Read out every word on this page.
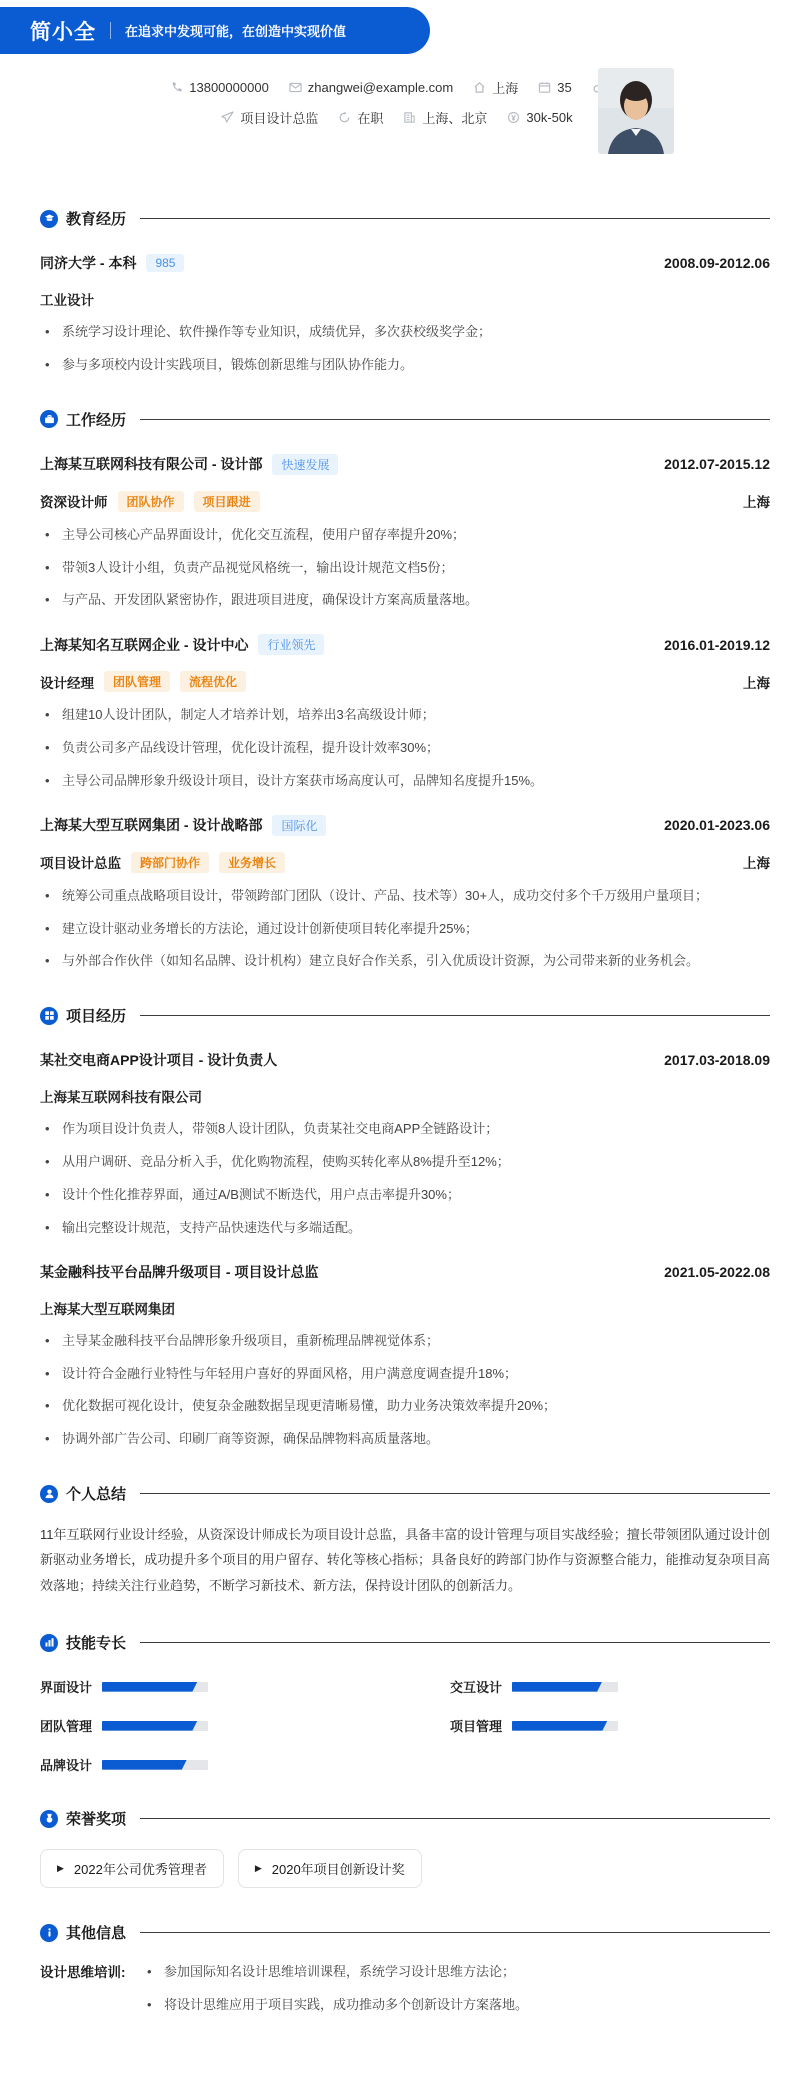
简小全 在追求中发现可能，在创造中实现价值
13800000000	zhangwei@example.com	上海	35
项目设计总监	在职	上海、北京	30k-50k
教育经历
同济大学 - 本科	985	2008.09-2012.06
工业设计
• 系统学习设计理论、软件操作等专业知识，成绩优异，多次获校级奖学金；
• 参与多项校内设计实践项目，锻炼创新思维与团队协作能力。
工作经历
上海某互联网科技有限公司 - 设计部	快速发展	2012.07-2015.12
资深设计师	团队协作	项目跟进	上海
• 主导公司核心产品界面设计，优化交互流程，使用户留存率提升20%；
• 带领3人设计小组，负责产品视觉风格统一，输出设计规范文档5份；
• 与产品、开发团队紧密协作，跟进项目进度，确保设计方案高质量落地。
上海某知名互联网企业 - 设计中心	行业领先	2016.01-2019.12
设计经理	团队管理	流程优化	上海
• 组建10人设计团队，制定人才培养计划，培养出3名高级设计师；
• 负责公司多产品线设计管理，优化设计流程，提升设计效率30%；
• 主导公司品牌形象升级设计项目，设计方案获市场高度认可，品牌知名度提升15%。
上海某大型互联网集团 - 设计战略部	国际化	2020.01-2023.06
项目设计总监	跨部门协作	业务增长	上海
• 统筹公司重点战略项目设计，带领跨部门团队（设计、产品、技术等）30+人，成功交付多个千万级用户量项目；
• 建立设计驱动业务增长的方法论，通过设计创新使项目转化率提升25%；
• 与外部合作伙伴（如知名品牌、设计机构）建立良好合作关系，引入优质设计资源，为公司带来新的业务机会。
项目经历
某社交电商APP设计项目 - 设计负责人	2017.03-2018.09
上海某互联网科技有限公司
• 作为项目设计负责人，带领8人设计团队，负责某社交电商APP全链路设计；
• 从用户调研、竞品分析入手，优化购物流程，使购买转化率从8%提升至12%；
• 设计个性化推荐界面，通过A/B测试不断迭代，用户点击率提升30%；
• 输出完整设计规范，支持产品快速迭代与多端适配。
某金融科技平台品牌升级项目 - 项目设计总监	2021.05-2022.08
上海某大型互联网集团
• 主导某金融科技平台品牌形象升级项目，重新梳理品牌视觉体系；
• 设计符合金融行业特性与年轻用户喜好的界面风格，用户满意度调查提升18%；
• 优化数据可视化设计，使复杂金融数据呈现更清晰易懂，助力业务决策效率提升20%；
• 协调外部广告公司、印刷厂商等资源，确保品牌物料高质量落地。
个人总结

11年互联网行业设计经验，从资深设计师成长为项目设计总监，具备丰富的设计管理与项目实战经验；擅长带领团队通过设计创新驱动业务增长，成功提升多个项目的用户留存、转化等核心指标；具备良好的跨部门协作与资源整合能力，能推动复杂项目高效落地；持续关注行业趋势，不断学习新技术、新方法，保持设计团队的创新活力。

技能专长
界面设计	交互设计
团队管理	项目管理
品牌设计
荣誉奖项
▶ 2022年公司优秀管理者	▶ 2020年项目创新设计奖
其他信息
设计思维培训:	• 参加国际知名设计思维培训课程，系统学习设计思维方法论；
• 将设计思维应用于项目实践，成功推动多个创新设计方案落地。
